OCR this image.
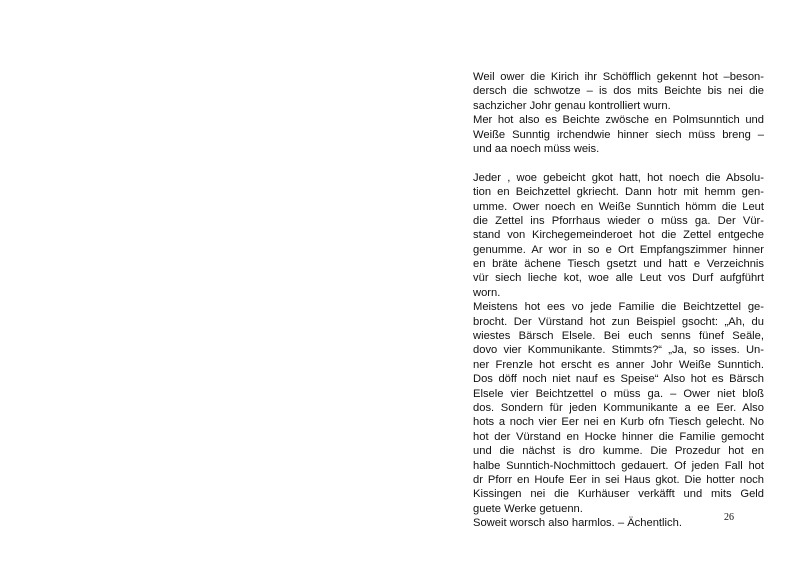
Weil ower die Kirich ihr Schöfflich gekennt hot –beson-
dersch die schwotze – is dos mits Beichte bis nei die
sachzicher Johr genau kontrolliert wurn.
Mer hot also es Beichte zwösche en Polmsunntich und
Weiße Sunntig irchendwie hinner siech müss breng –
und aa noech müss weis.
Jeder , woe gebeicht gkot hatt, hot noech die Absolu-
tion en Beichzettel gkriecht. Dann hotr mit hemm gen-
umme. Ower noech en Weiße Sunntich hömm die Leut
die Zettel ins Pforrhaus wieder o müss ga. Der Vür-
stand von Kirchegemeinderoet hot die Zettel entgeche
genumme. Ar wor in so e Ort Empfangszimmer hinner
en bräte ächene Tiesch gsetzt und hatt e Verzeichnis
vür siech lieche kot, woe alle Leut vos Durf aufgführt
worn.
Meistens hot ees vo jede Familie die Beichtzettel ge-
brocht. Der Vürstand hot zun Beispiel gsocht: „Ah, du
wiestes Bärsch Elsele. Bei euch senns fünef Seäle,
dovo vier Kommunikante. Stimmts?“ „Ja, so isses. Un-
ner Frenzle hot erscht es anner Johr Weiße Sunntich.
Dos döff noch niet nauf es Speise“ Also hot es Bärsch
Elsele vier Beichtzettel o müss ga. – Ower niet bloß
dos. Sondern für jeden Kommunikante a ee Eer. Also
hots a noch vier Eer nei en Kurb ofn Tiesch gelecht. No
hot der Vürstand en Hocke hinner die Familie gemocht
und die nächst is dro kumme. Die Prozedur hot en
halbe Sunntich-Nochmittoch gedauert. Of jeden Fall hot
dr Pforr en Houfe Eer in sei Haus gkot. Die hotter noch
Kissingen nei die Kurhäuser verkäfft und mits Geld
guete Werke getuenn.
Soweit worsch also harmlos. – Ächentlich.	26
